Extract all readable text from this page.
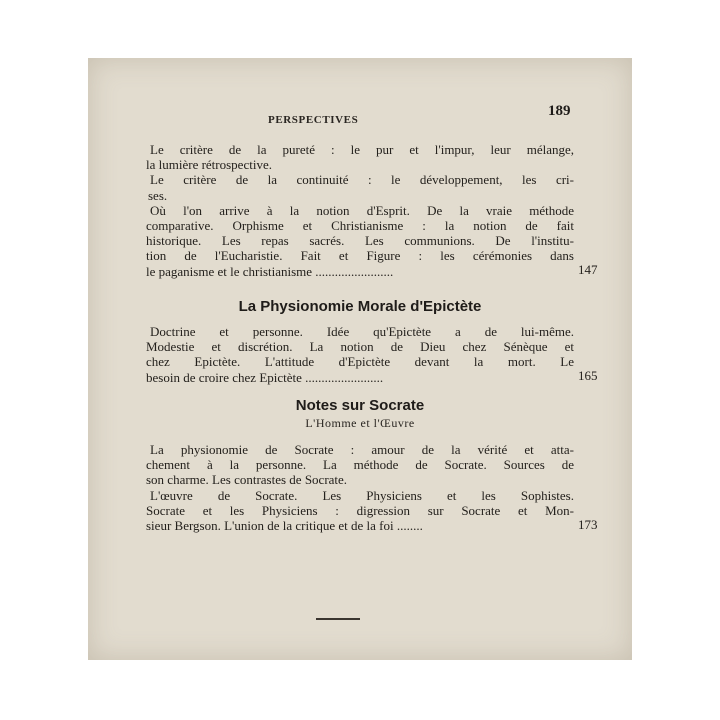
PERSPECTIVES
189
Le critère de la pureté : le pur et l'impur, leur mélange,
la lumière rétrospective.
Le critère de la continuité : le développement, les cri-
ses.
Où l'on arrive à la notion d'Esprit. De la vraie méthode
comparative. Orphisme et Christianisme : la notion de fait
historique. Les repas sacrés. Les communions. De l'institu-
tion de l'Eucharistie. Fait et Figure : les cérémonies dans
le paganisme et le christianisme ........................	147
La Physionomie Morale d'Epictète
Doctrine et personne. Idée qu'Epictète a de lui-même.
Modestie et discrétion. La notion de Dieu chez Sénèque et
chez Epictète. L'attitude d'Epictète devant la mort. Le
besoin de croire chez Epictète ........................	165
Notes sur Socrate
L'Homme et l'Œuvre
La physionomie de Socrate : amour de la vérité et atta-
chement à la personne. La méthode de Socrate. Sources de
son charme. Les contrastes de Socrate.
L'œuvre de Socrate. Les Physiciens et les Sophistes.
Socrate et les Physiciens : digression sur Socrate et Mon-
sieur Bergson. L'union de la critique et de la foi ........	173
